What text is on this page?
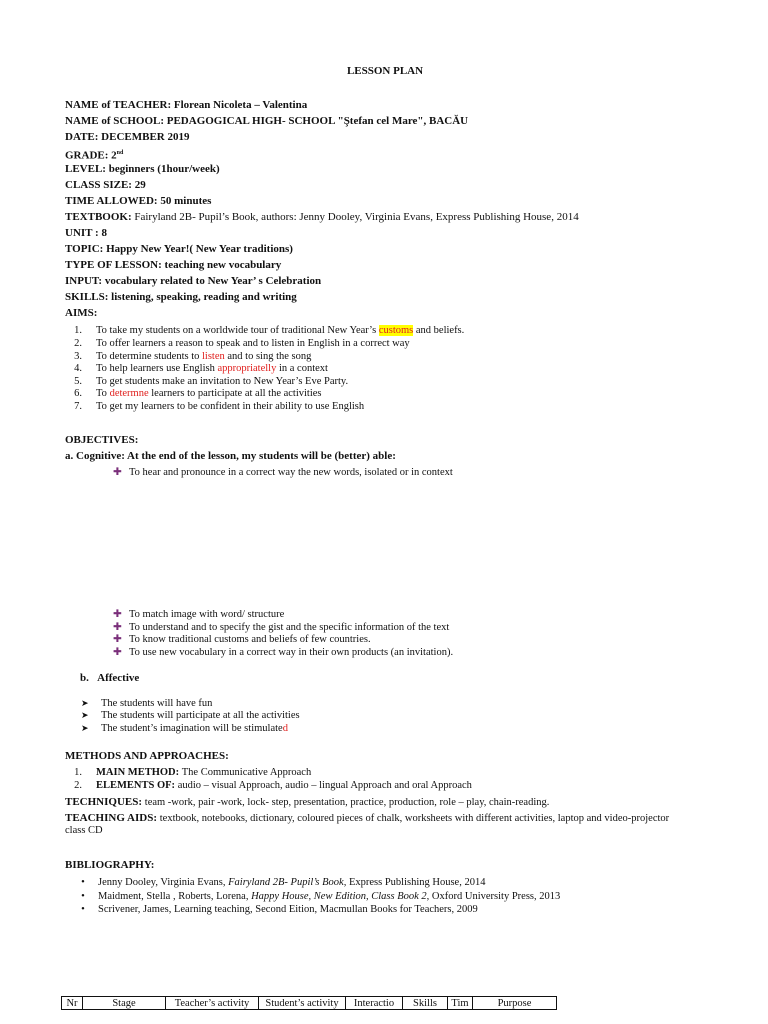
LESSON PLAN
NAME of TEACHER: Florean Nicoleta – Valentina
NAME of SCHOOL: PEDAGOGICAL HIGH- SCHOOL "Ştefan cel Mare", BACĂU
DATE: DECEMBER 2019
GRADE: 2nd
LEVEL: beginners (1hour/week)
CLASS SIZE: 29
TIME ALLOWED: 50 minutes
TEXTBOOK: Fairyland 2B- Pupil’s Book, authors: Jenny Dooley, Virginia Evans, Express Publishing House, 2014
UNIT : 8
TOPIC: Happy New Year!( New Year traditions)
TYPE OF LESSON: teaching new vocabulary
INPUT: vocabulary related to New Year’ s Celebration
SKILLS: listening, speaking, reading and writing
AIMS:
1. To take my students on a worldwide tour of traditional New Year’s customs and beliefs.
2. To offer learners a reason to speak and to listen in English in a correct way
3. To determine students to listen and to sing the song
4. To help learners use English appropriatelly in a context
5. To get students make an invitation to New Year’s Eve Party.
6. To determne learners to participate at all the activities
7. To get my learners to be confident in their ability to use English
OBJECTIVES:
a. Cognitive: At the end of the lesson, my students will be (better) able:
✚ To hear and pronounce in a correct way the new words, isolated or in context
✚ To match image with word/ structure
✚ To understand and to specify the gist and the specific information of the text
✚ To know traditional customs and beliefs of few countries.
✚ To use new vocabulary in a correct way in their own products (an invitation).
b. Affective
➤ The students will have fun
➤ The students will participate at all the activities
➤ The student’s imagination will be stimulated
METHODS AND APPROACHES:
1. MAIN METHOD: The Communicative Approach
2. ELEMENTS OF: audio – visual Approach, audio – lingual Approach and oral Approach
TECHNIQUES: team -work, pair -work, lock- step, presentation, practice, production, role – play, chain-reading.
TEACHING AIDS: textbook, notebooks, dictionary, coloured pieces of chalk, worksheets with different activities, laptop and video-projector
class CD
BIBLIOGRAPHY:
• Jenny Dooley, Virginia Evans, Fairyland 2B- Pupil’s Book, Express Publishing House, 2014
• Maidment, Stella , Roberts, Lorena, Happy House, New Edition, Class Book 2, Oxford University Press, 2013
• Scrivener, James, Learning teaching, Second Eition, Macmullan Books for Teachers, 2009
Nr	Stage	Teacher’s activity	Student’s activity	Interactio	Skills	Tim	Purpose
